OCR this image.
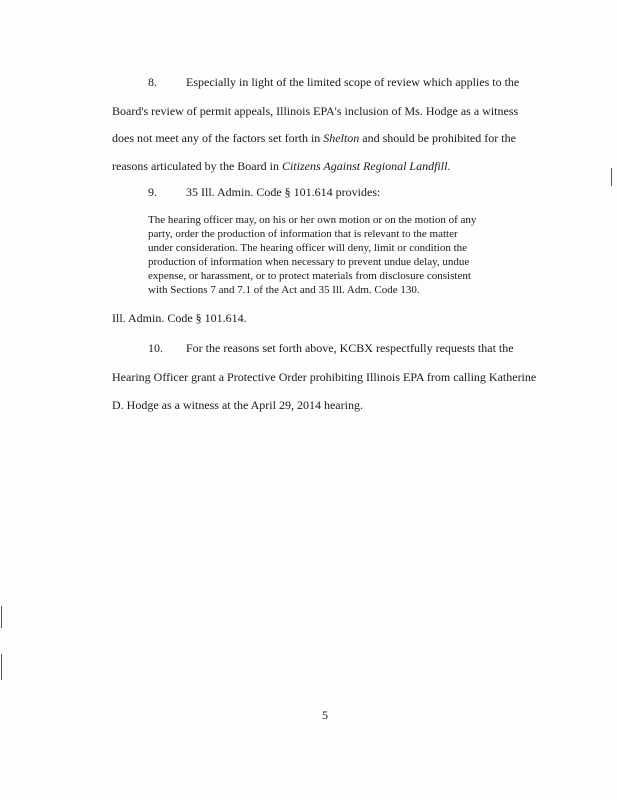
8. Especially in light of the limited scope of review which applies to the
Board's review of permit appeals, Illinois EPA's inclusion of Ms. Hodge as a witness
does not meet any of the factors set forth in Shelton and should be prohibited for the
reasons articulated by the Board in Citizens Against Regional Landfill.
9. 35 Ill. Admin. Code § 101.614 provides:
The hearing officer may, on his or her own motion or on the motion of any
party, order the production of information that is relevant to the matter
under consideration. The hearing officer will deny, limit or condition the
production of information when necessary to prevent undue delay, undue
expense, or harassment, or to protect materials from disclosure consistent
with Sections 7 and 7.1 of the Act and 35 Ill. Adm. Code 130.
Ill. Admin. Code § 101.614.
10. For the reasons set forth above, KCBX respectfully requests that the
Hearing Officer grant a Protective Order prohibiting Illinois EPA from calling Katherine
D. Hodge as a witness at the April 29, 2014 hearing.
5
